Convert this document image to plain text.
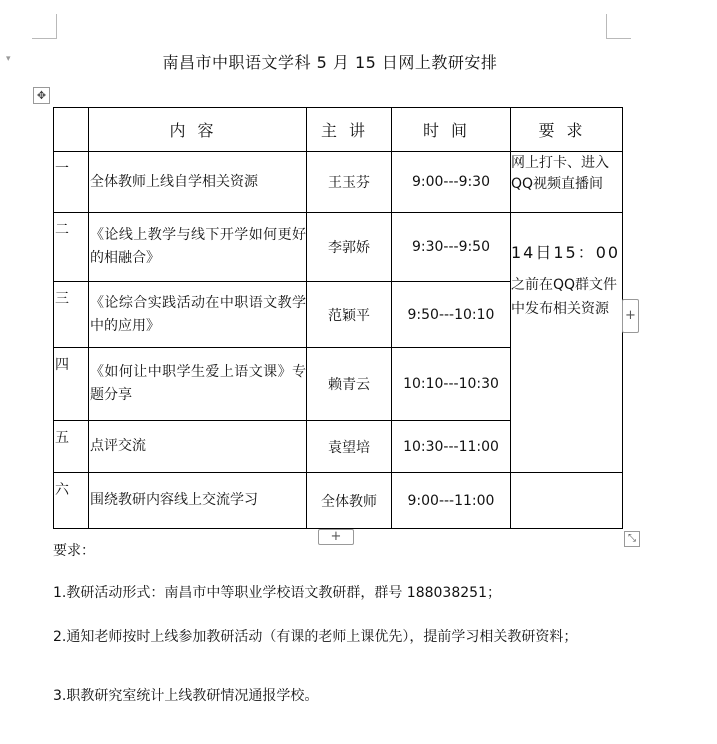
▾	南昌市中职语文学科 5 月 15 日网上教研安排
✥
	内容	主讲	时间	要求
一	全体教师上线自学相关资源	王玉芬	9:00---9:30	网上打卡、进入QQ视频直播间
二	《论线上教学与线下开学如何更好的相融合》	李郭娇	9:30---9:50	14日15：00
之前在QQ群文件中发布相关资源

三	《论综合实践活动在中职语文教学中的应用》	范颖平	9:50---10:10	
四	《如何让中职学生爱上语文课》专题分享	赖青云	10:10---10:30	
五	点评交流	袁望培	10:30---11:00	
六	围绕教研内容线上交流学习	全体教师	9:00---11:00	
+
+	⤡

要求：

1.教研活动形式：南昌市中等职业学校语文教研群，群号 188038251；

2.通知老师按时上线参加教研活动（有课的老师上课优先），提前学习相关教研资料；

3.职教研究室统计上线教研情况通报学校。
